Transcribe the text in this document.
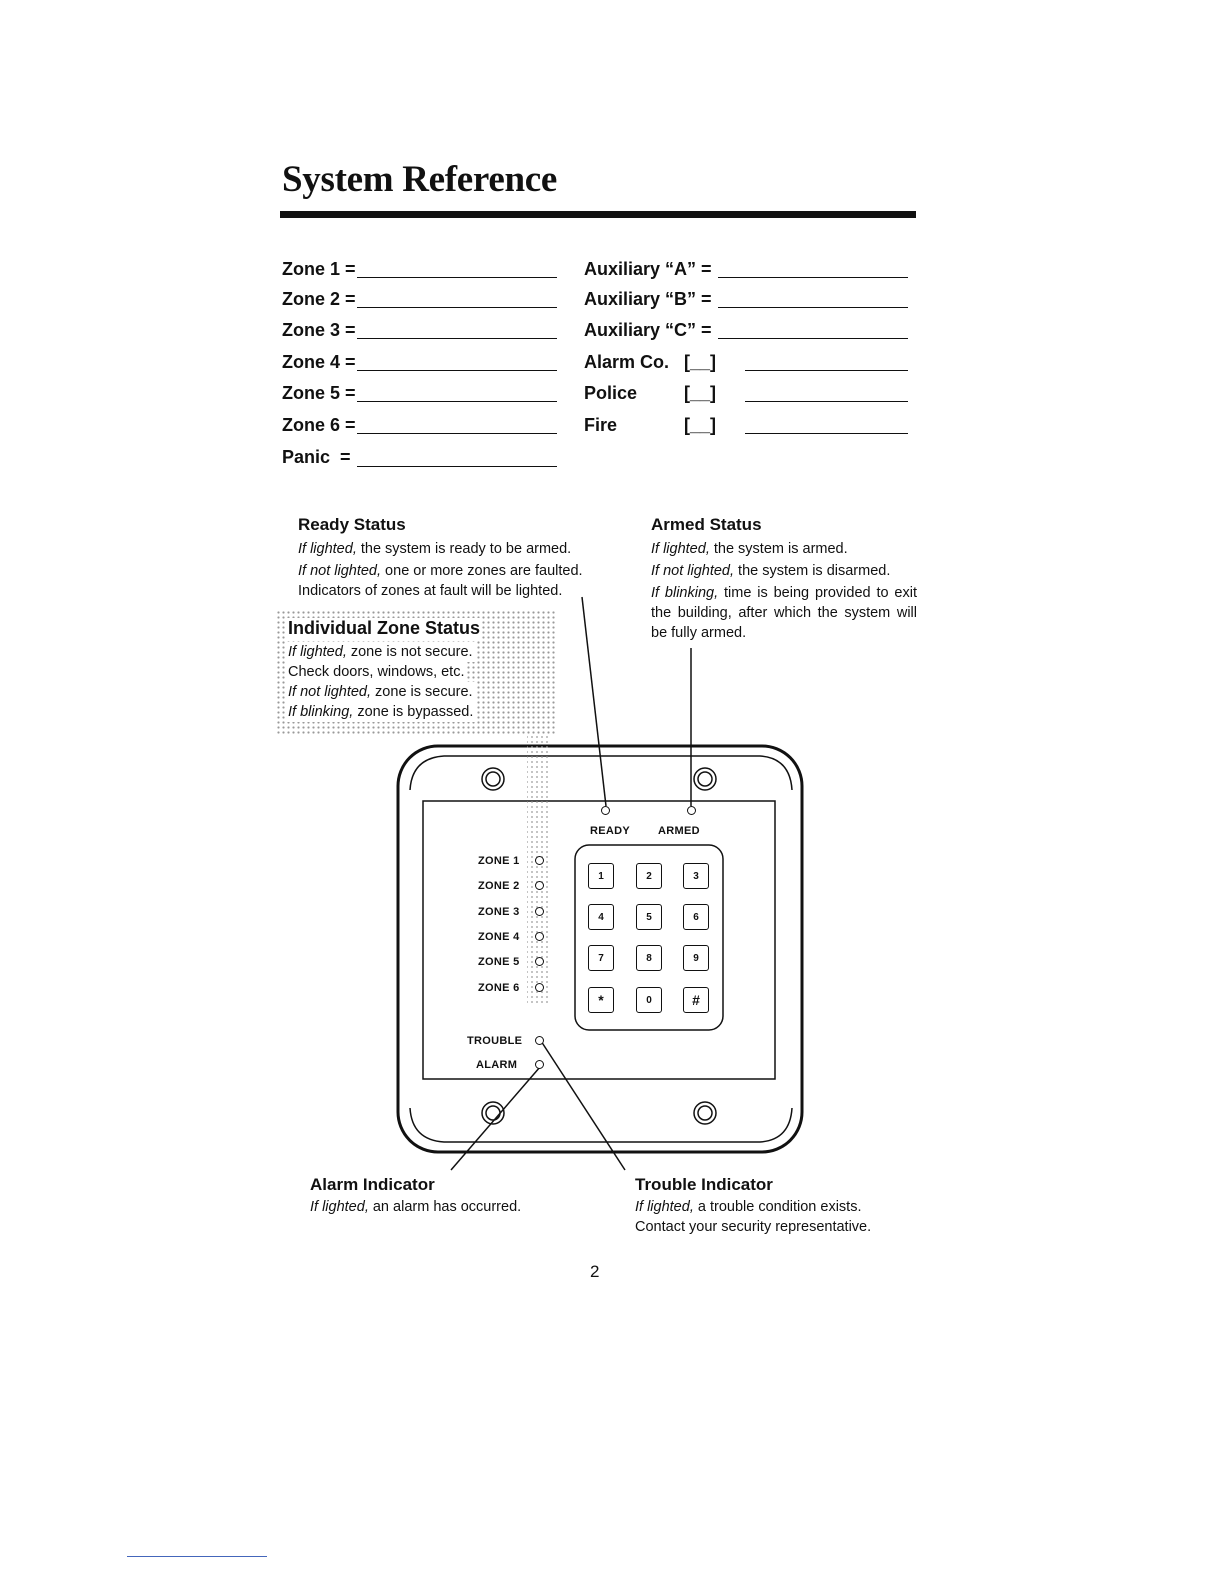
System Reference
Zone 1 =
Zone 2 =
Zone 3 =
Zone 4 =
Zone 5 =
Zone 6 =
Panic  =
Auxiliary “A” =
Auxiliary “B” =
Auxiliary “C” =
Alarm Co. [__]
Police	[__]
Fire	[__]
Ready Status
If lighted, the system is ready to be armed.
If not lighted, one or more zones are faulted.
Indicators of zones at fault will be lighted.
Armed Status
If lighted, the system is armed.
If not lighted, the system is disarmed.
If blinking, time is being provided to exit the building, after which the system will be fully armed.
Individual Zone Status If lighted, zone is not secure.
Check doors, windows, etc.
If not lighted, zone is secure.
If blinking, zone is bypassed.
READY	ARMED
ZONE 1
ZONE 2
ZONE 3
ZONE 4
ZONE 5
ZONE 6
TROUBLE
ALARM
1	2	3
4	5	6
7	8	9
*	0	#
Alarm Indicator
If lighted, an alarm has occurred.
Trouble Indicator
If lighted, a trouble condition exists.
Contact your security representative.
2
